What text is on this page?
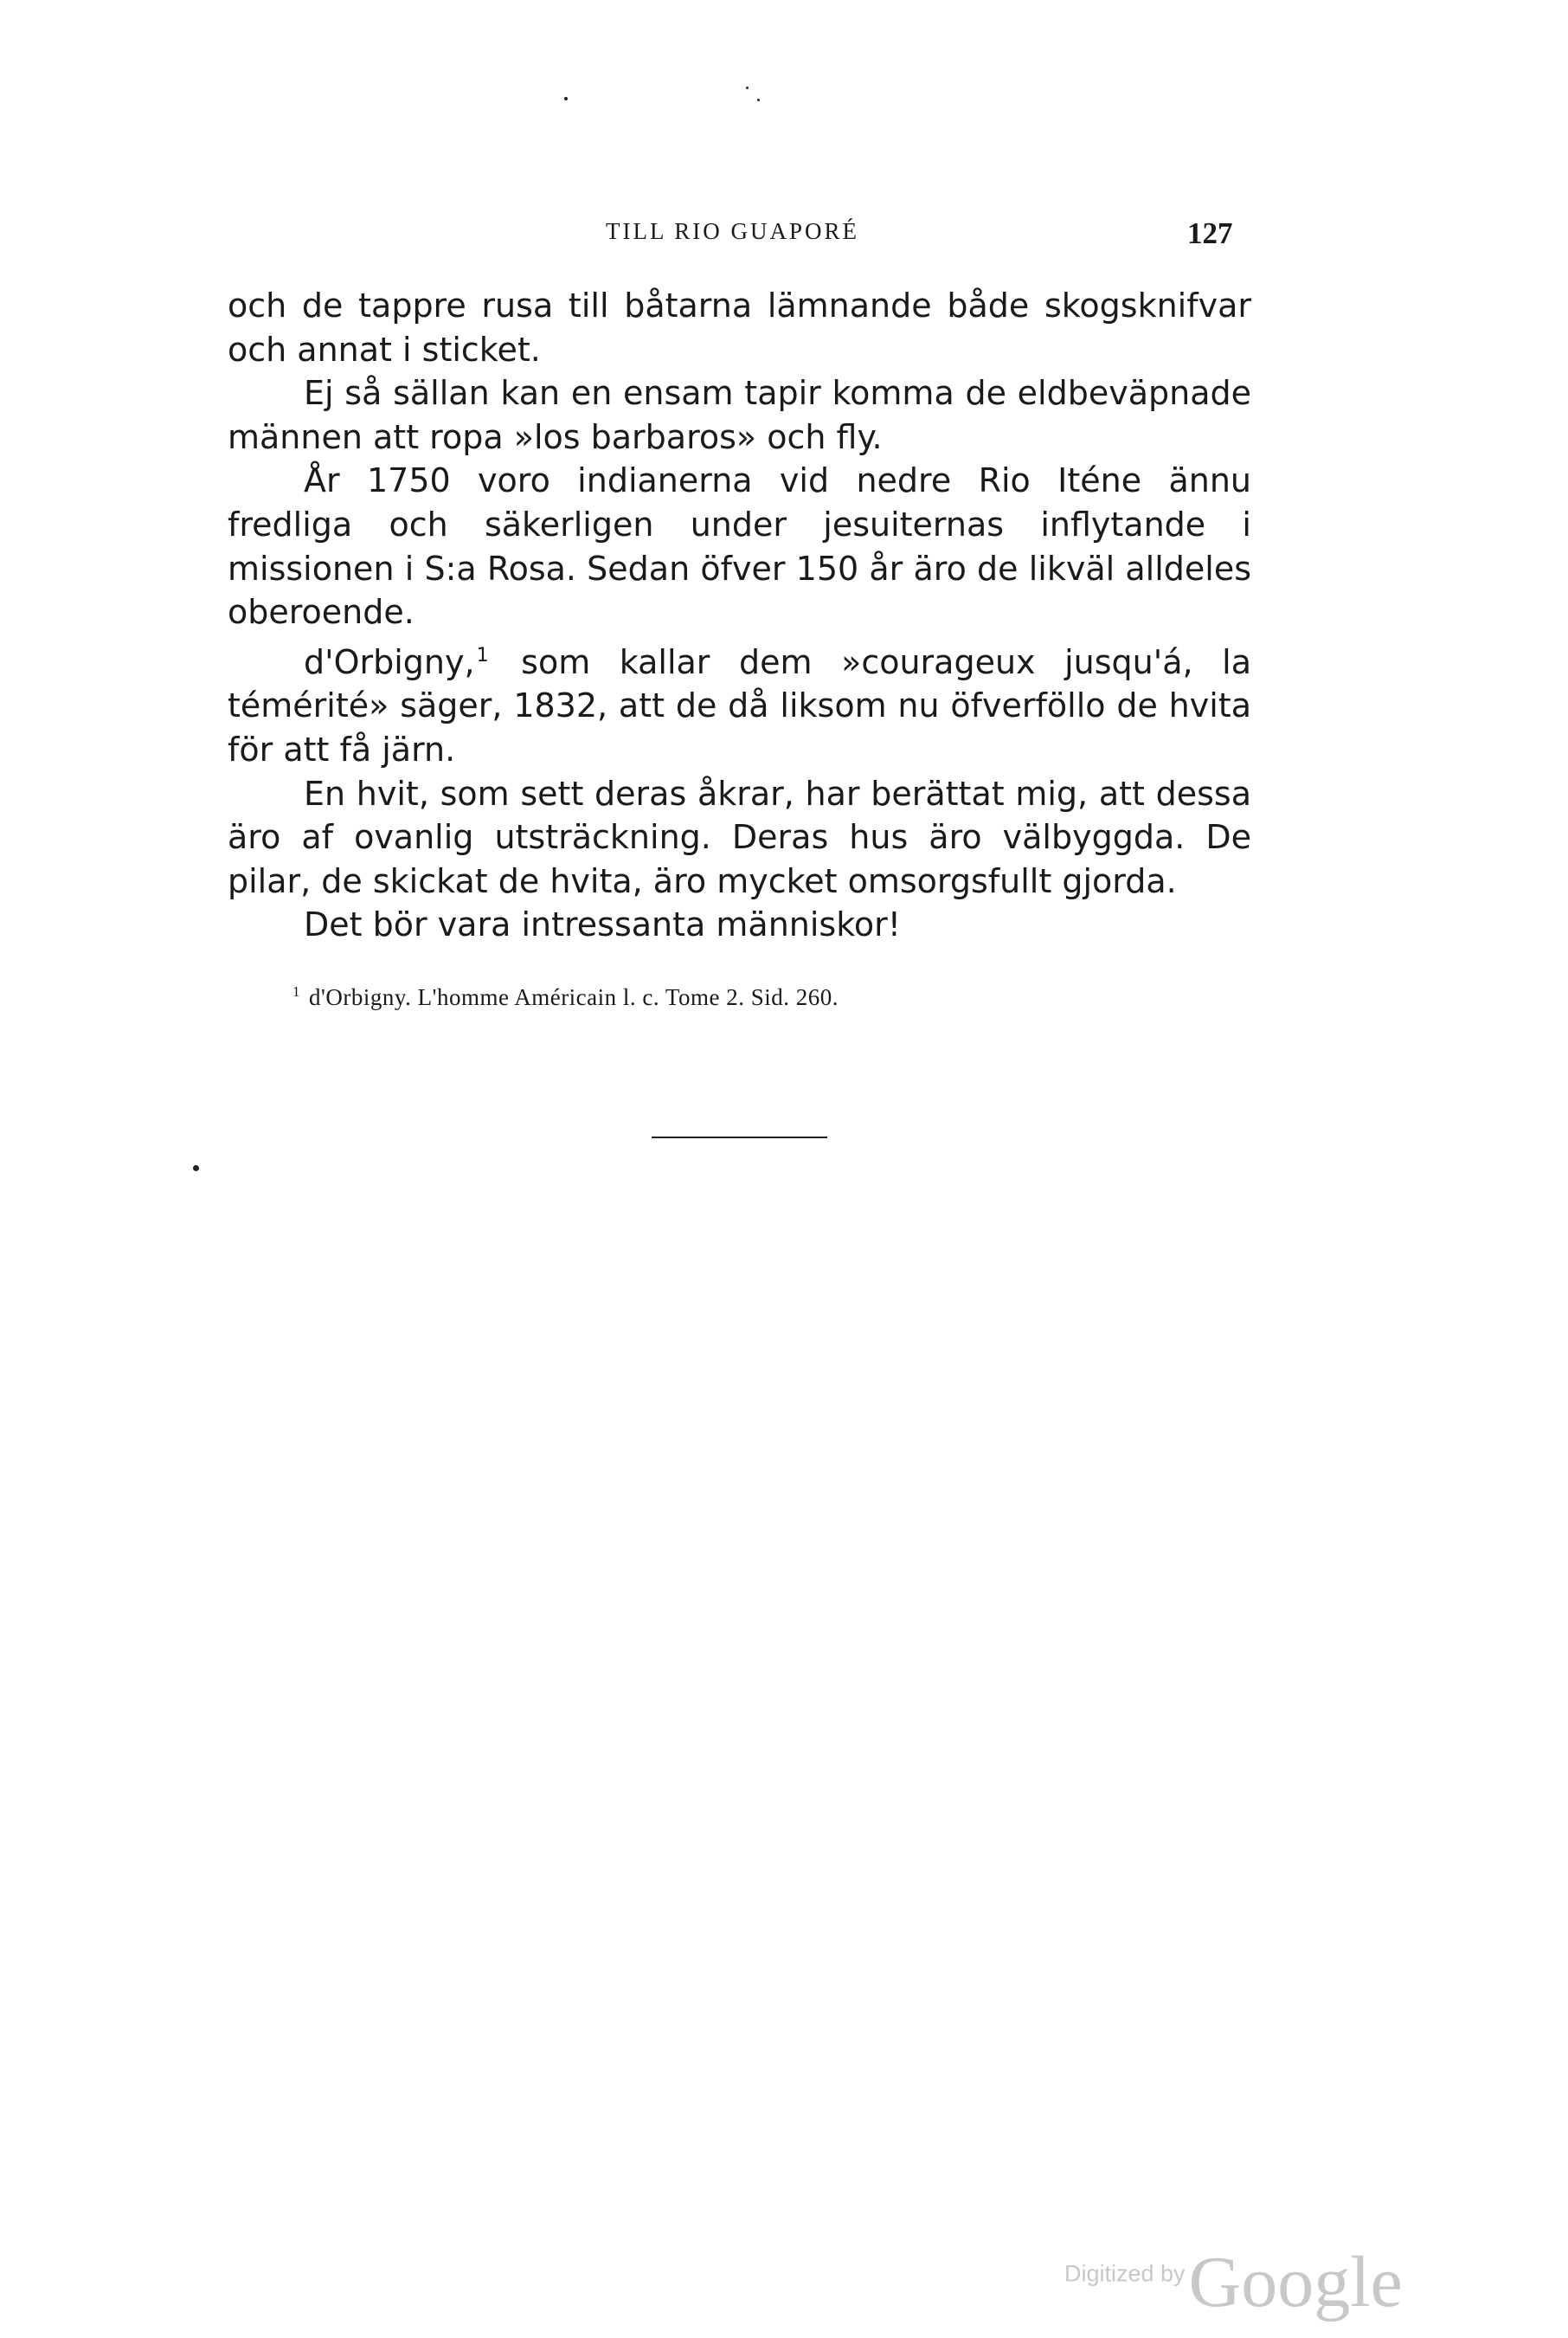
TILL RIO GUAPORÉ	127

och de tappre rusa till båtarna lämnande både skogsknifvar och annat i sticket.

Ej så sällan kan en ensam tapir komma de eldbeväpnade männen att ropa »los barbaros» och fly.

År 1750 voro indianerna vid nedre Rio Iténe ännu fredliga och säkerligen under jesuiternas inflytande i missionen i S:a Rosa. Sedan öfver 150 år äro de likväl alldeles oberoende.

d'Orbigny,$^1$ som kallar dem »courageux jusqu'á, la témérité» säger, 1832, att de då liksom nu öfverföllo de hvita för att få järn.

En hvit, som sett deras åkrar, har berättat mig, att dessa äro af ovanlig utsträckning. Deras hus äro välbyggda. De pilar, de skickat de hvita, äro mycket omsorgsfullt gjorda.

Det bör vara intressanta människor!

$^1$ d'Orbigny. L'homme Américain l. c. Tome 2. Sid. 260.
Digitized byGoogle
